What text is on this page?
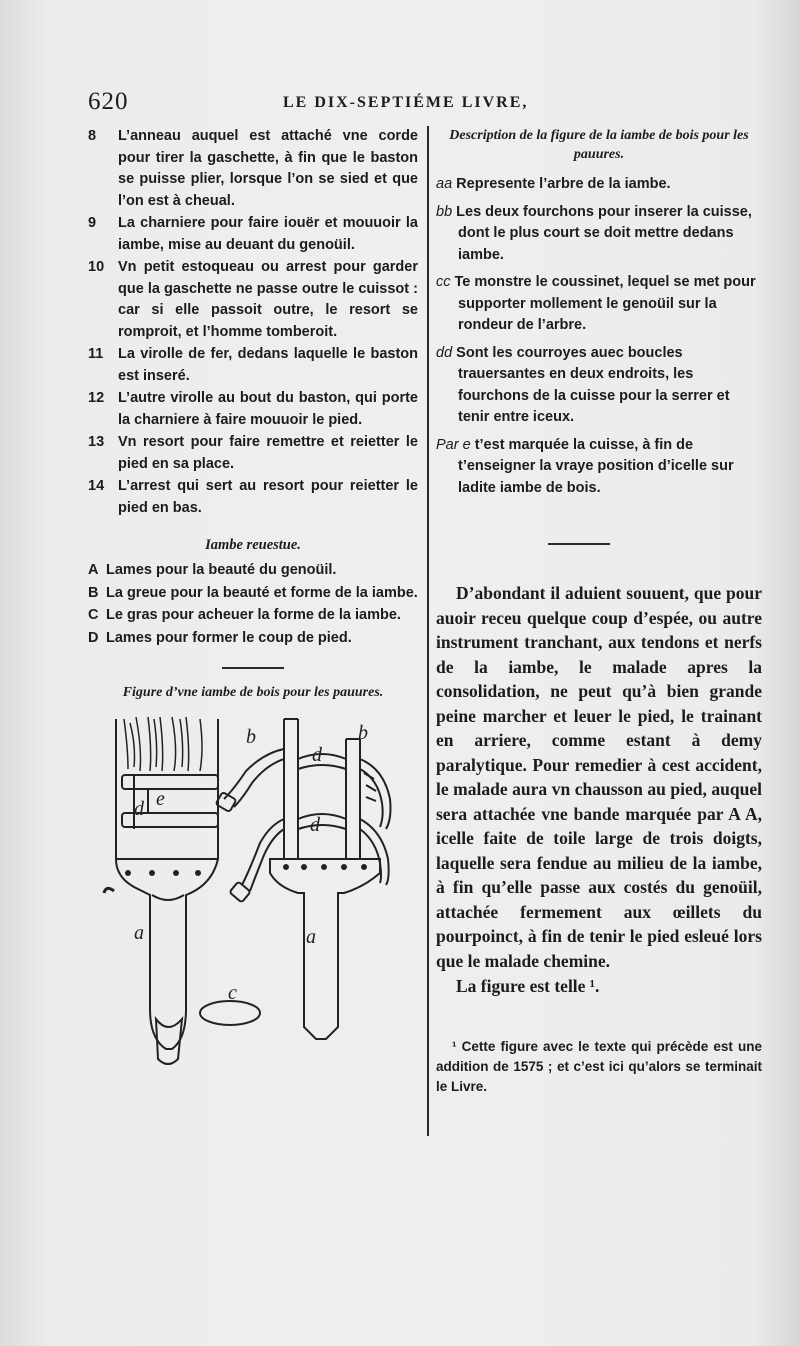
620	LE DIX-SEPTIÉME LIVRE,

8 L’anneau auquel est attaché vne corde pour tirer la gaschette, à fin que le baston se puisse plier, lorsque l’on se sied et que l’on est à cheual.

9 La charniere pour faire iouër et mouuoir la iambe, mise au deuant du genoüil.

10 Vn petit estoqueau ou arrest pour garder que la gaschette ne passe outre le cuissot : car si elle passoit outre, le resort se romproit, et l’homme tomberoit.

11 La virolle de fer, dedans laquelle le baston est inseré.

12 L’autre virolle au bout du baston, qui porte la charniere à faire mouuoir le pied.

13 Vn resort pour faire remettre et reietter le pied en sa place.

14 L’arrest qui sert au resort pour reietter le pied en bas.

Iambe reuestue.

A Lames pour la beauté du genoüil.

B La greue pour la beauté et forme de la iambe.

C Le gras pour acheuer la forme de la iambe.

D Lames pour former le coup de pied.

Figure d’vne iambe de bois pour les pauures.
b	b
d
d
d e
a	a
c
Description de la figure de la iambe de bois pour les pauures.

aa Represente l’arbre de la iambe.

bb Les deux fourchons pour inserer la cuisse, dont le plus court se doit mettre dedans iambe.

cc Te monstre le coussinet, lequel se met pour supporter mollement le genoüil sur la rondeur de l’arbre.

dd Sont les courroyes auec boucles trauersantes en deux endroits, les fourchons de la cuisse pour la serrer et tenir entre iceux.

Par e t’est marquée la cuisse, à fin de t’enseigner la vraye position d’icelle sur ladite iambe de bois.

D’abondant il aduient souuent, que pour auoir receu quelque coup d’espée, ou autre instrument tranchant, aux tendons et nerfs de la iambe, le malade apres la consolidation, ne peut qu’à bien grande peine marcher et leuer le pied, le trainant en arriere, comme estant à demy paralytique. Pour remedier à cest accident, le malade aura vn chausson au pied, auquel sera attachée vne bande marquée par A A, icelle faite de toile large de trois doigts, laquelle sera fendue au milieu de la iambe, à fin qu’elle passe aux costés du genoüil, attachée fermement aux œillets du pourpoinct, à fin de tenir le pied esleué lors que le malade chemine.

La figure est telle ¹.

¹ Cette figure avec le texte qui précède est une addition de 1575 ; et c’est ici qu’alors se terminait le Livre.
